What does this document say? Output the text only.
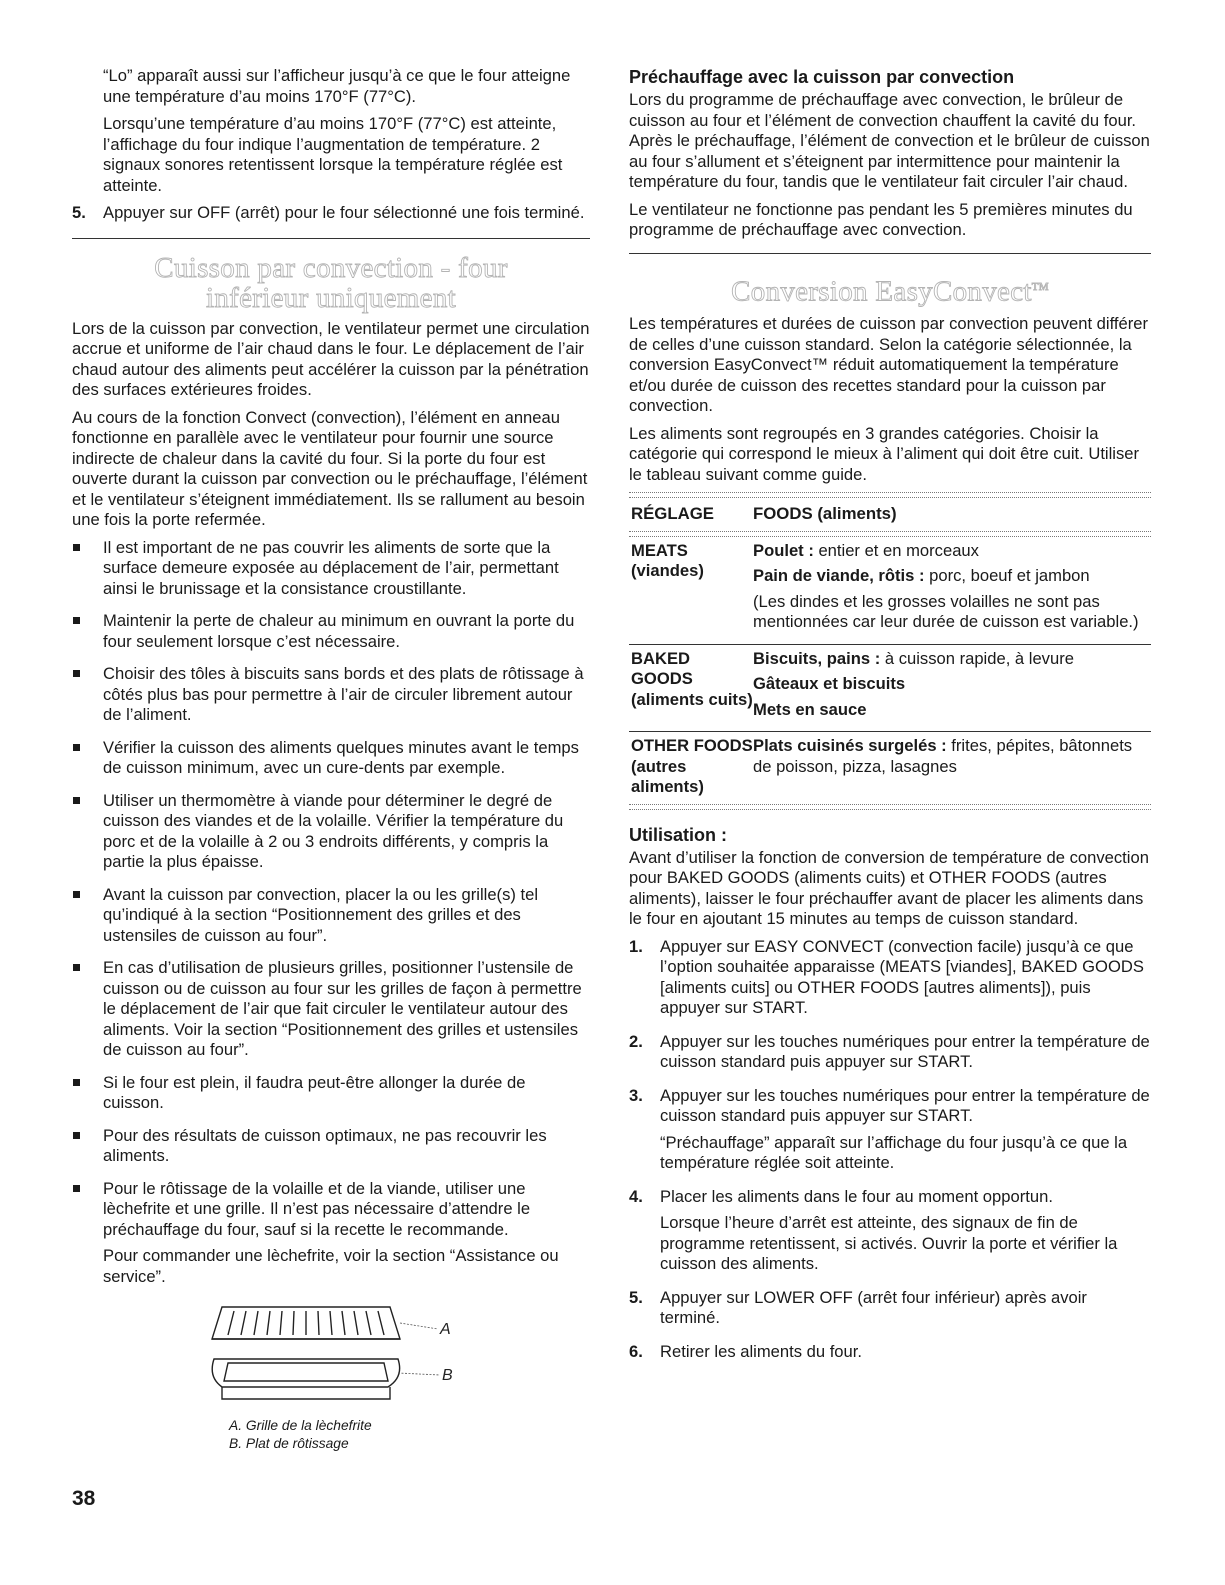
“Lo” apparaît aussi sur l’afficheur jusqu’à ce que le four atteigne une température d’au moins 170°F (77°C).

Lorsqu’une température d’au moins 170°F (77°C) est atteinte, l’affichage du four indique l’augmentation de température. 2 signaux sonores retentissent lorsque la température réglée est atteinte.

5.	Appuyer sur OFF (arrêt) pour le four sélectionné une fois terminé.
Cuisson par convection - four inférieur uniquement

Lors de la cuisson par convection, le ventilateur permet une circulation accrue et uniforme de l’air chaud dans le four. Le déplacement de l’air chaud autour des aliments peut accélérer la cuisson par la pénétration des surfaces extérieures froides.

Au cours de la fonction Convect (convection), l’élément en anneau fonctionne en parallèle avec le ventilateur pour fournir une source indirecte de chaleur dans la cavité du four. Si la porte du four est ouverte durant la cuisson par convection ou le préchauffage, l’élément et le ventilateur s’éteignent immédiatement. Ils se rallument au besoin une fois la porte refermée.

Il est important de ne pas couvrir les aliments de sorte que la surface demeure exposée au déplacement de l’air, permettant ainsi le brunissage et la consistance croustillante.
Maintenir la perte de chaleur au minimum en ouvrant la porte du four seulement lorsque c’est nécessaire.
Choisir des tôles à biscuits sans bords et des plats de rôtissage à côtés plus bas pour permettre à l’air de circuler librement autour de l’aliment.
Vérifier la cuisson des aliments quelques minutes avant le temps de cuisson minimum, avec un cure-dents par exemple.
Utiliser un thermomètre à viande pour déterminer le degré de cuisson des viandes et de la volaille. Vérifier la température du porc et de la volaille à 2 ou 3 endroits différents, y compris la partie la plus épaisse.
Avant la cuisson par convection, placer la ou les grille(s) tel qu’indiqué à la section “Positionnement des grilles et des ustensiles de cuisson au four”.
En cas d’utilisation de plusieurs grilles, positionner l’ustensile de cuisson ou de cuisson au four sur les grilles de façon à permettre le déplacement de l’air que fait circuler le ventilateur autour des aliments. Voir la section “Positionnement des grilles et ustensiles de cuisson au four”.
Si le four est plein, il faudra peut-être allonger la durée de cuisson.
Pour des résultats de cuisson optimaux, ne pas recouvrir les aliments.
Pour le rôtissage de la volaille et de la viande, utiliser une lèchefrite et une grille. Il n’est pas nécessaire d’attendre le préchauffage du four, sauf si la recette le recommande.

Pour commander une lèchefrite, voir la section “Assistance ou service”.

A
B
A. Grille de la lèchefrite
B. Plat de rôtissage
Préchauffage avec la cuisson par convection

Lors du programme de préchauffage avec convection, le brûleur de cuisson au four et l’élément de convection chauffent la cavité du four. Après le préchauffage, l’élément de convection et le brûleur de cuisson au four s’allument et s’éteignent par intermittence pour maintenir la température du four, tandis que le ventilateur fait circuler l’air chaud.

Le ventilateur ne fonctionne pas pendant les 5 premières minutes du programme de préchauffage avec convection.

Conversion EasyConvect™

Les températures et durées de cuisson par convection peuvent différer de celles d’une cuisson standard. Selon la catégorie sélectionnée, la conversion EasyConvect™ réduit automatiquement la température et/ou durée de cuisson des recettes standard pour la cuisson par convection.

Les aliments sont regroupés en 3 grandes catégories. Choisir la catégorie qui correspond le mieux à l’aliment qui doit être cuit. Utiliser le tableau suivant comme guide.

RÉGLAGE	FOODS (aliments)

MEATS (viandes)	Poulet : entier et en morceaux
Pain de viande, rôtis : porc, boeuf et jambon
(Les dindes et les grosses volailles ne sont pas mentionnées car leur durée de cuisson est variable.)

BAKED GOODS (aliments cuits)	Biscuits, pains : à cuisson rapide, à levure
Gâteaux et biscuits
Mets en sauce

OTHER FOODS (autres aliments)	Plats cuisinés surgelés : frites, pépites, bâtonnets de poisson, pizza, lasagnes
Utilisation :

Avant d’utiliser la fonction de conversion de température de convection pour BAKED GOODS (aliments cuits) et OTHER FOODS (autres aliments), laisser le four préchauffer avant de placer les aliments dans le four en ajoutant 15 minutes au temps de cuisson standard.

1.	Appuyer sur EASY CONVECT (convection facile) jusqu’à ce que l’option souhaitée apparaisse (MEATS [viandes], BAKED GOODS [aliments cuits] ou OTHER FOODS [autres aliments]), puis appuyer sur START.

2.	Appuyer sur les touches numériques pour entrer la température de cuisson standard puis appuyer sur START.

3.	Appuyer sur les touches numériques pour entrer la température de cuisson standard puis appuyer sur START.

“Préchauffage” apparaît sur l’affichage du four jusqu’à ce que la température réglée soit atteinte.

4.	Placer les aliments dans le four au moment opportun.

Lorsque l’heure d’arrêt est atteinte, des signaux de fin de programme retentissent, si activés. Ouvrir la porte et vérifier la cuisson des aliments.

5.	Appuyer sur LOWER OFF (arrêt four inférieur) après avoir terminé.

6.	Retirer les aliments du four.

38
